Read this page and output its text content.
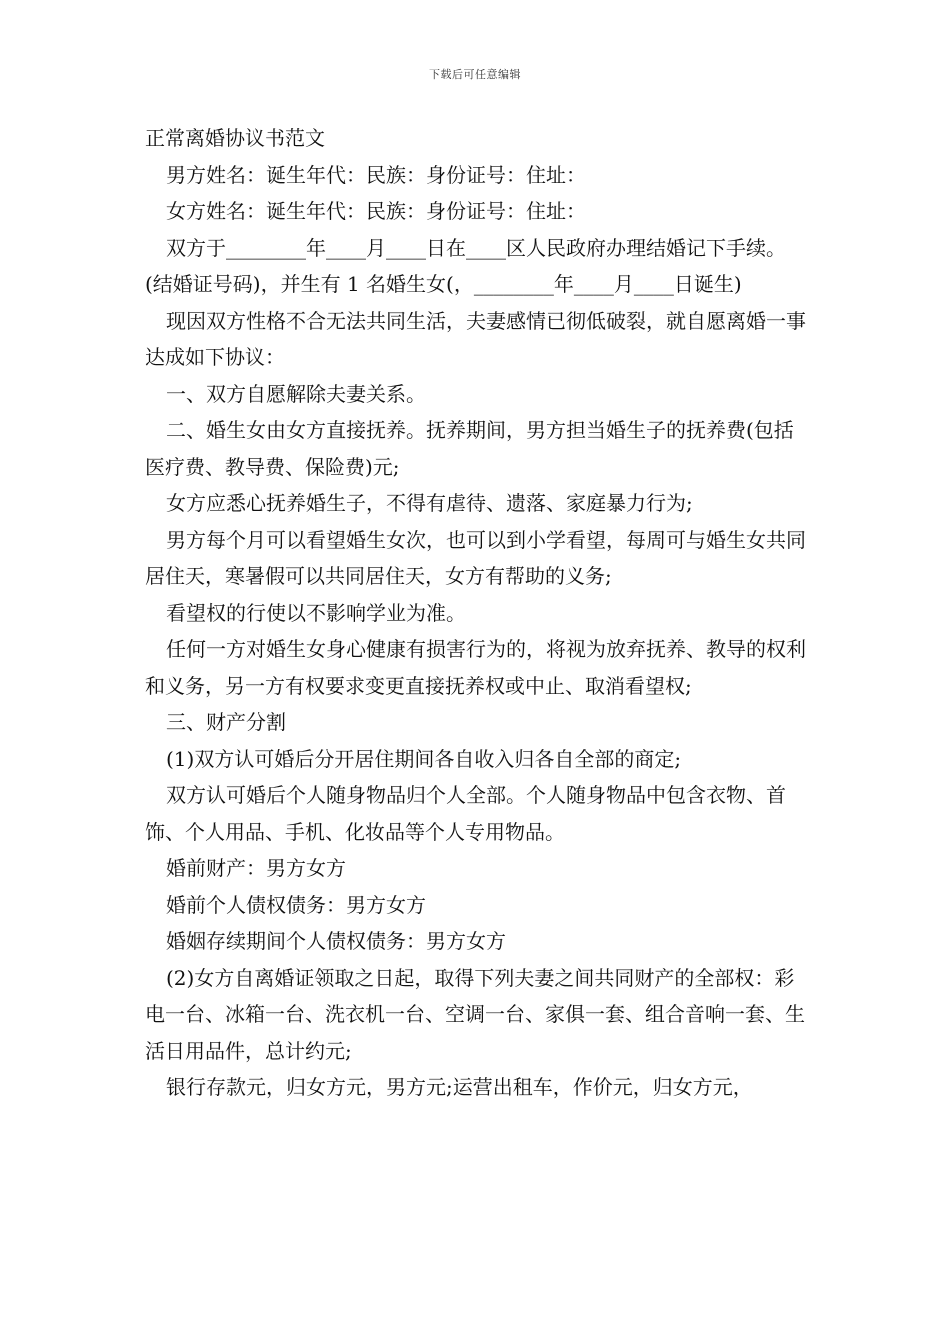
下载后可任意编辑

正常离婚协议书范文

男方姓名：诞生年代：民族：身份证号：住址：

女方姓名：诞生年代：民族：身份证号：住址：

双方于________年____月____日在____区人民政府办理结婚记下手续。(结婚证号码)，并生有 1 名婚生女(，________年____月____日诞生)

现因双方性格不合无法共同生活，夫妻感情已彻低破裂，就自愿离婚一事达成如下协议：

一、双方自愿解除夫妻关系。

二、婚生女由女方直接抚养。抚养期间，男方担当婚生子的抚养费(包括医疗费、教导费、保险费)元;

女方应悉心抚养婚生子，不得有虐待、遗落、家庭暴力行为;

男方每个月可以看望婚生女次，也可以到小学看望，每周可与婚生女共同居住天，寒暑假可以共同居住天，女方有帮助的义务;

看望权的行使以不影响学业为准。

任何一方对婚生女身心健康有损害行为的，将视为放弃抚养、教导的权利和义务，另一方有权要求变更直接抚养权或中止、取消看望权;

三、财产分割

(1)双方认可婚后分开居住期间各自收入归各自全部的商定;

双方认可婚后个人随身物品归个人全部。个人随身物品中包含衣物、首饰、个人用品、手机、化妆品等个人专用物品。

婚前财产：男方女方

婚前个人债权债务：男方女方

婚姻存续期间个人债权债务：男方女方

(2)女方自离婚证领取之日起，取得下列夫妻之间共同财产的全部权：彩电一台、冰箱一台、洗衣机一台、空调一台、家俱一套、组合音响一套、生活日用品件，总计约元;

银行存款元，归女方元，男方元;运营出租车，作价元，归女方元，
